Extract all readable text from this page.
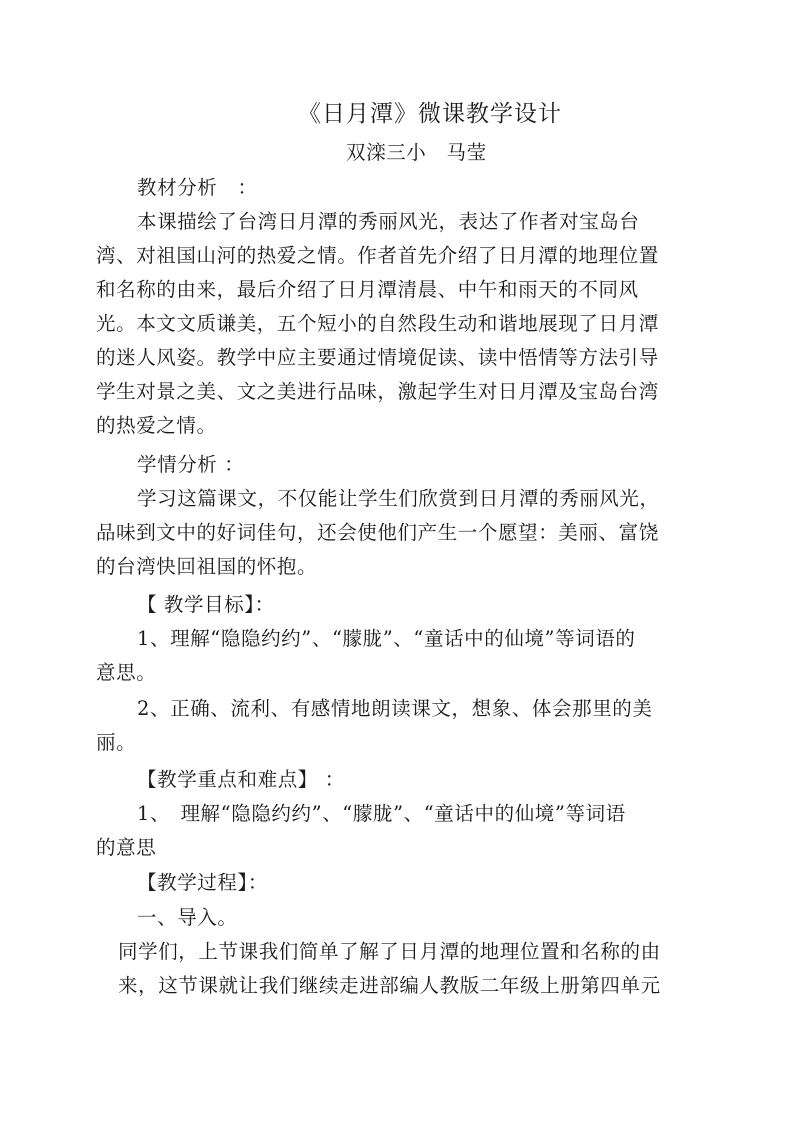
《日月潭》微课教学设计
双滦三小　马莹
教材分析　：
本课描绘了台湾日月潭的秀丽风光，表达了作者对宝岛台
湾、对祖国山河的热爱之情。作者首先介绍了日月潭的地理位置
和名称的由来，最后介绍了日月潭清晨、中午和雨天的不同风
光。本文文质谦美，五个短小的自然段生动和谐地展现了日月潭
的迷人风姿。教学中应主要通过情境促读、读中悟情等方法引导
学生对景之美、文之美进行品味，激起学生对日月潭及宝岛台湾
的热爱之情。
学情分析 ：
学习这篇课文，不仅能让学生们欣赏到日月潭的秀丽风光，
品味到文中的好词佳句，还会使他们产生一个愿望：美丽、富饶
的台湾快回祖国的怀抱。
【 教学目标】：
1、理解“隐隐约约”、“朦胧”、“童话中的仙境”等词语的
意思。
2、正确、流利、有感情地朗读课文，想象、体会那里的美
丽。
【教学重点和难点】 ：
1、　理解“隐隐约约”、“朦胧”、“童话中的仙境”等词语
的意思
【教学过程】：
一、导入。
同学们，上节课我们简单了解了日月潭的地理位置和名称的由
来，这节课就让我们继续走进部编人教版二年级上册第四单元
